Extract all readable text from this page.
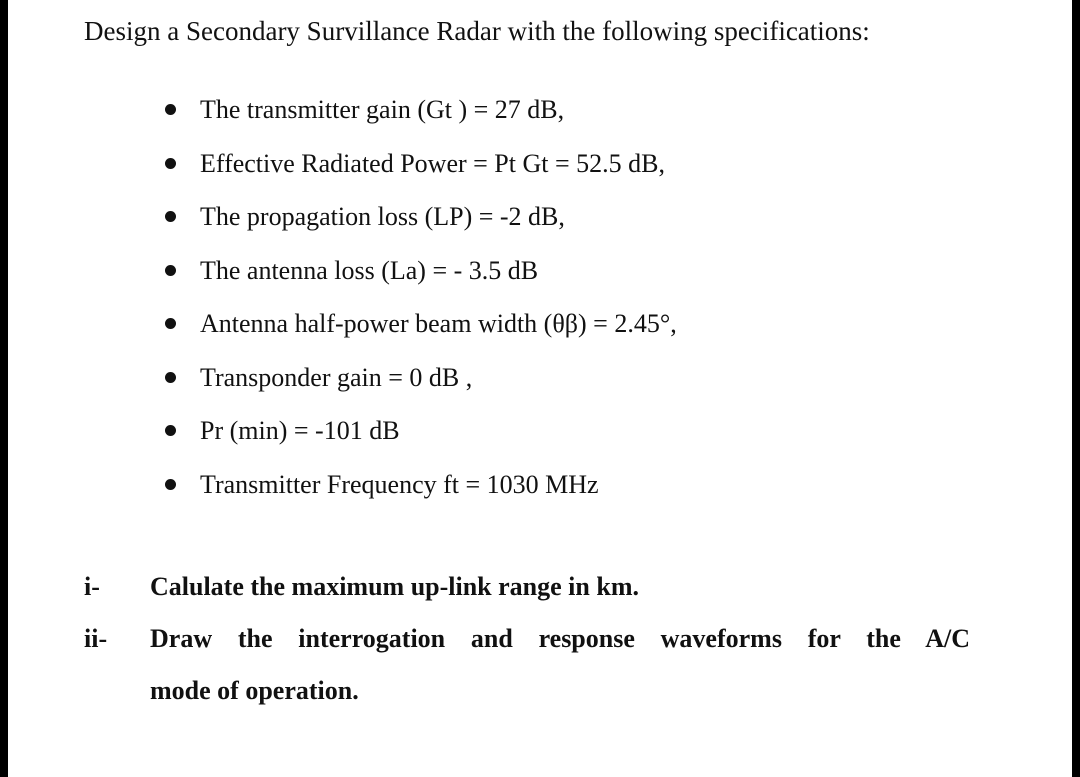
Design a Secondary Survillance Radar with the following specifications:
The transmitter gain (Gt ) = 27 dB,
Effective Radiated Power = Pt Gt = 52.5 dB,
The propagation loss (LP) = -2 dB,
The antenna loss (La) = - 3.5 dB
Antenna half-power beam width (θβ) = 2.45°,
Transponder gain = 0 dB ,
Pr (min) = -101 dB
Transmitter Frequency ft = 1030 MHz
i- Calulate the maximum up-link range in km.
ii- Draw the interrogation and response waveforms for the A/C
mode of operation.
